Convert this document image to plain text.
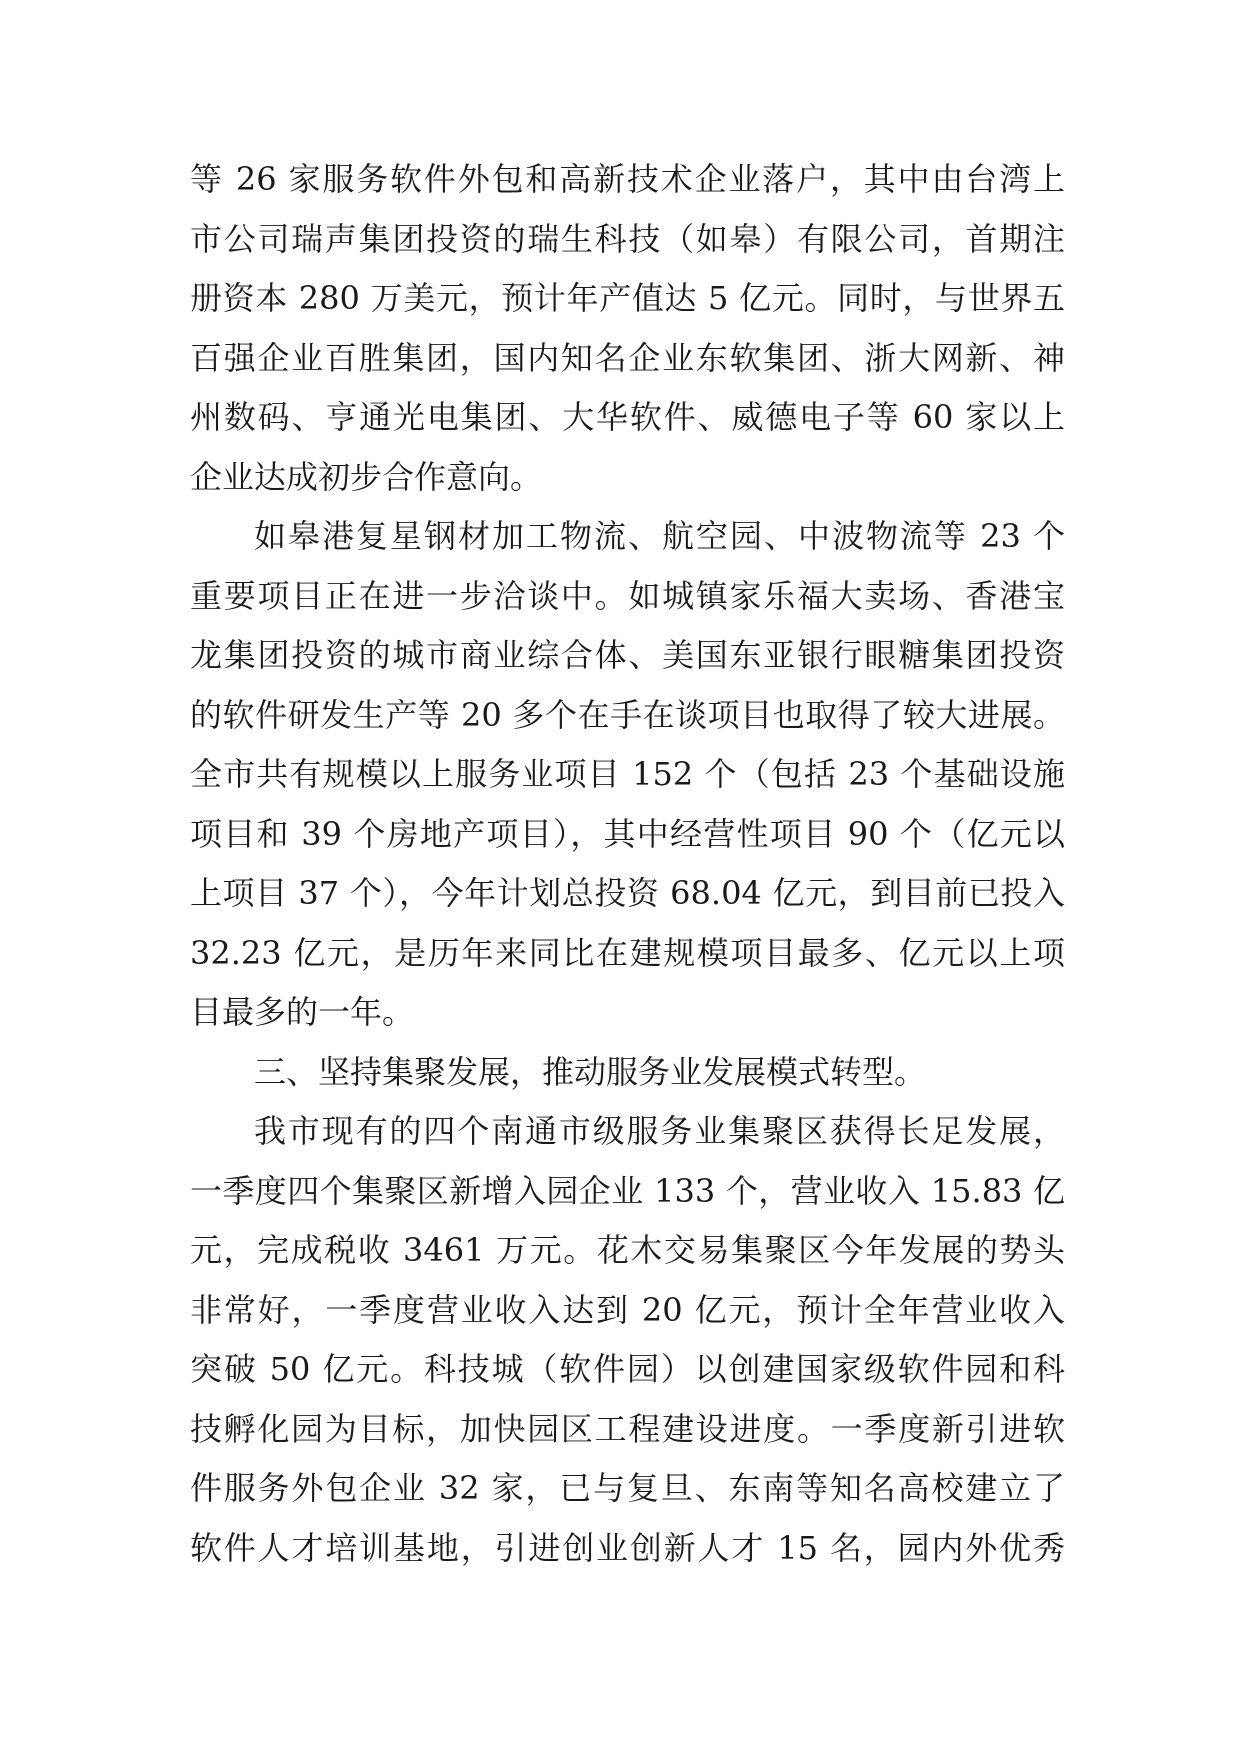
等 26 家服务软件外包和高新技术企业落户，其中由台湾上
市公司瑞声集团投资的瑞生科技（如皋）有限公司，首期注
册资本 280 万美元，预计年产值达 5 亿元。同时，与世界五
百强企业百胜集团，国内知名企业东软集团、浙大网新、神
州数码、亨通光电集团、大华软件、威德电子等 60 家以上
企业达成初步合作意向。
如皋港复星钢材加工物流、航空园、中波物流等 23 个
重要项目正在进一步洽谈中。如城镇家乐福大卖场、香港宝
龙集团投资的城市商业综合体、美国东亚银行眼糖集团投资
的软件研发生产等 20 多个在手在谈项目也取得了较大进展。
全市共有规模以上服务业项目 152 个（包括 23 个基础设施
项目和 39 个房地产项目），其中经营性项目 90 个（亿元以
上项目 37 个），今年计划总投资 68.04 亿元，到目前已投入
32.23 亿元，是历年来同比在建规模项目最多、亿元以上项
目最多的一年。
三、坚持集聚发展，推动服务业发展模式转型。
我市现有的四个南通市级服务业集聚区获得长足发展，
一季度四个集聚区新增入园企业 133 个，营业收入 15.83 亿
元，完成税收 3461 万元。花木交易集聚区今年发展的势头
非常好，一季度营业收入达到 20 亿元，预计全年营业收入
突破 50 亿元。科技城（软件园）以创建国家级软件园和科
技孵化园为目标，加快园区工程建设进度。一季度新引进软
件服务外包企业 32 家，已与复旦、东南等知名高校建立了
软件人才培训基地，引进创业创新人才 15 名，园内外优秀
